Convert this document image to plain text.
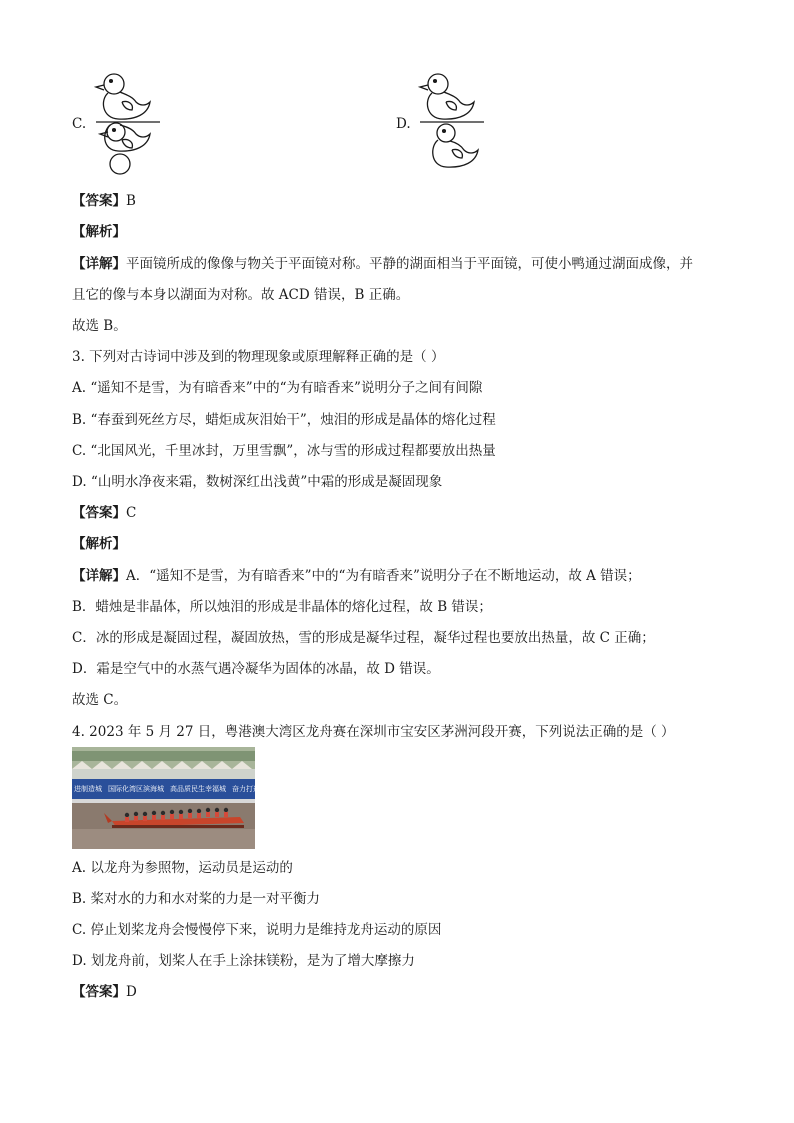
C.	D.
【答案】B
【解析】
【详解】平面镜所成的像像与物关于平面镜对称。平静的湖面相当于平面镜，可使小鸭通过湖面成像，并
且它的像与本身以湖面为对称。故 ACD 错误，B 正确。
故选 B。
3. 下列对古诗词中涉及到的物理现象或原理解释正确的是（ ）
A. “遥知不是雪，为有暗香来”中的“为有暗香来”说明分子之间有间隙
B. “春蚕到死丝方尽，蜡炬成灰泪始干”，烛泪的形成是晶体的熔化过程
C. “北国风光，千里冰封，万里雪飘”，冰与雪的形成过程都要放出热量
D. “山明水净夜来霜，数树深红出浅黄”中霜的形成是凝固现象
【答案】C
【解析】
【详解】A．“遥知不是雪，为有暗香来”中的“为有暗香来”说明分子在不断地运动，故 A 错误；
B．蜡烛是非晶体，所以烛泪的形成是非晶体的熔化过程，故 B 错误；
C．冰的形成是凝固过程，凝固放热，雪的形成是凝华过程，凝华过程也要放出热量，故 C 正确；
D．霜是空气中的水蒸气遇冷凝华为固体的冰晶，故 D 错误。
故选 C。
4. 2023 年 5 月 27 日，粤港澳大湾区龙舟赛在深圳市宝安区茅洲河段开赛，下列说法正确的是（ ）
进制造城 国际化湾区滨海城 高品质民生幸福城 奋力打造世
A. 以龙舟为参照物，运动员是运动的
B. 桨对水的力和水对桨的力是一对平衡力
C. 停止划桨龙舟会慢慢停下来，说明力是维持龙舟运动的原因
D. 划龙舟前，划桨人在手上涂抹镁粉，是为了增大摩擦力
【答案】D
